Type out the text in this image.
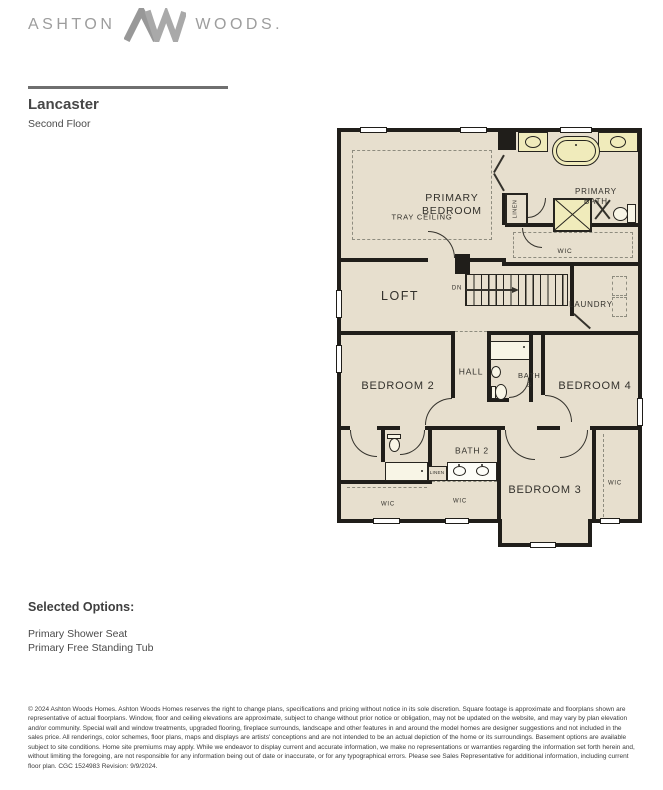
ASHTON	WOODS.
Lancaster
Second Floor
PRIMARY BEDROOM
TRAY CEILING
PRIMARY BATH
LINEN
WIC
LOFT
DN
LAUNDRY
HALL
BEDROOM 2
BATH 3	BEDROOM 4
BATH 2
LINEN
WIC	WIC
WIC
BEDROOM 3
Selected Options:
Primary Shower Seat
Primary Free Standing Tub
© 2024 Ashton Woods Homes. Ashton Woods Homes reserves the right to change plans, specifications and pricing without notice in its sole discretion. Square footage is approximate and floorplans shown are representative of actual floorplans. Window, floor and ceiling elevations are approximate, subject to change without prior notice or obligation, may not be updated on the website, and may vary by plan elevation and/or community. Special wall and window treatments, upgraded flooring, fireplace surrounds, landscape and other features in and around the model homes are designer suggestions and not included in the sales price. All renderings, color schemes, floor plans, maps and displays are artists' conceptions and are not intended to be an actual depiction of the home or its surroundings. Basement options are available subject to site conditions. Home site premiums may apply. While we endeavor to display current and accurate information, we make no representations or warranties regarding the information set forth herein and, without limiting the foregoing, are not responsible for any information being out of date or inaccurate, or for any typographical errors. Please see Sales Representative for additional information, including current floor plan. CGC 1524983 Revision: 9/9/2024.
